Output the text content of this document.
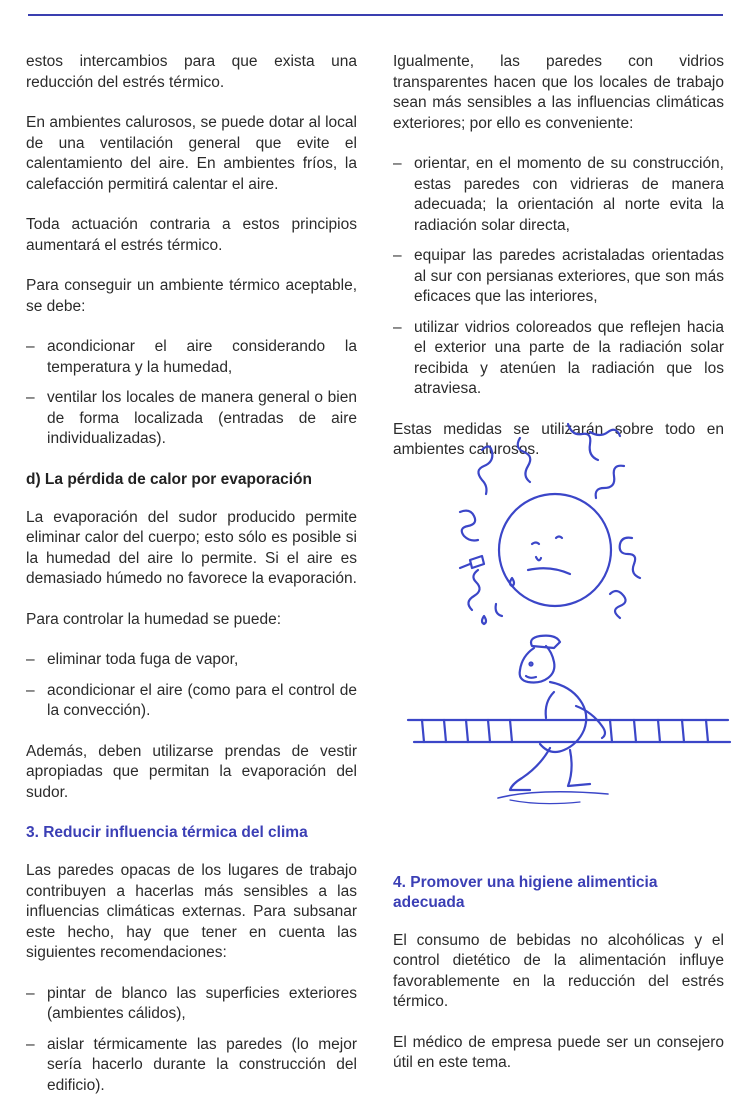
estos intercambios para que exista una reducción del estrés térmico.

En ambientes calurosos, se puede dotar al local de una ventilación general que evite el calentamiento del aire. En ambientes fríos, la calefacción permitirá calentar el aire.

Toda actuación contraria a estos principios aumentará el estrés térmico.

Para conseguir un ambiente térmico aceptable, se debe:

– acondicionar el aire considerando la temperatura y la humedad,
– ventilar los locales de manera general o bien de forma localizada (entradas de aire individualizadas).
d) La pérdida de calor por evaporación

La evaporación del sudor producido permite eliminar calor del cuerpo; esto sólo es posible si la humedad del aire lo permite. Si el aire es demasiado húmedo no favorece la evaporación.

Para controlar la humedad se puede:

– eliminar toda fuga de vapor,
– acondicionar el aire (como para el control de la convección).

Además, deben utilizarse prendas de vestir apropiadas que permitan la evaporación del sudor.

3. Reducir influencia térmica del clima

Las paredes opacas de los lugares de trabajo contribuyen a hacerlas más sensibles a las influencias climáticas externas. Para subsanar este hecho, hay que tener en cuenta las siguientes recomendaciones:

– pintar de blanco las superficies exteriores (ambientes cálidos),
– aislar térmicamente las paredes (lo mejor sería hacerlo durante la construcción del edificio).

Igualmente, las paredes con vidrios transparentes hacen que los locales de trabajo sean más sensibles a las influencias climáticas exteriores; por ello es conveniente:

– orientar, en el momento de su construcción, estas paredes con vidrieras de manera adecuada; la orientación al norte evita la radiación solar directa,
– equipar las paredes acristaladas orientadas al sur con persianas exteriores, que son más eficaces que las interiores,
– utilizar vidrios coloreados que reflejen hacia el exterior una parte de la radiación solar recibida y atenúen la radiación que los atraviesa.

Estas medidas se utilizarán sobre todo en ambientes calurosos.

4. Promover una higiene alimenticia adecuada

El consumo de bebidas no alcohólicas y el control dietético de la alimentación influye favorablemente en la reducción del estrés térmico.

El médico de empresa puede ser un consejero útil en este tema.
